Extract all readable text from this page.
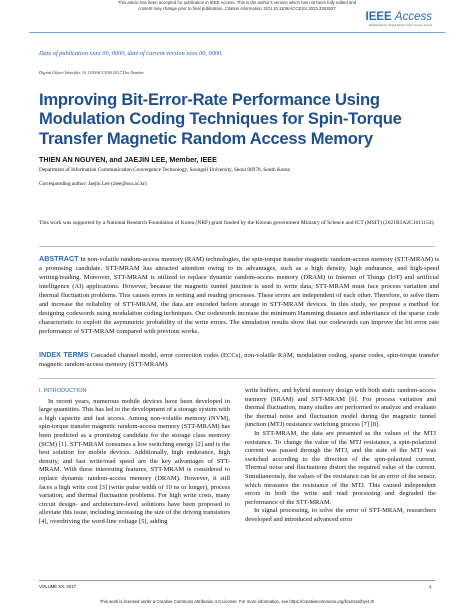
This article has been accepted for publication in IEEE Access. This is the author's version which has not been fully edited and
content may change prior to final publication. Citation information: DOI 10.1109/ACCESS.2023.3263527
IEEE Access
Multidisciplinary | Rapid Review | Open Access Journal
Date of publication xxxx 00, 0000, date of current version xxxx 00, 0000.
Digital Object Identifier 10.1109/ACCESS.2017.Doi Number
Improving Bit-Error-Rate Performance Using Modulation Coding Techniques for Spin-Torque Transfer Magnetic Random Access Memory
THIEN AN NGUYEN, and JAEJIN LEE, Member, IEEE
Department of Information Communication Convergence Technology, Soongsil University, Seoul 06978, South Korea
Corresponding author: Jaejin Lee (zlee@ssu.ac.kr).
This work was supported by a National Research Foundation of Korea (NRF) grant funded by the Korean government Ministry of Science and ICT (MSIT) (2021R1A2C1011154).
ABSTRACT In non-volatile random-access memory (RAM) technologies, the spin-torque transfer magnetic random-access memory (STT-MRAM) is a promising candidate. STT-MRAM has attracted attention owing to its advantages, such as a high density, high endurance, and high-speed writing/reading. Moreover, STT-MRAM is utilized to replace dynamic random-access memory (DRAM) in Internet of Things (IoT) and artificial intelligence (AI) applications. However, because the magnetic tunnel junction is used to write data, STT-MRAM must face process variation and thermal fluctuation problems. This causes errors in writing and reading processes. These errors are independent of each other. Therefore, to solve them and increase the reliability of STT-MRAM, the data are encoded before storage in STT-MRAM devices. In this study, we propose a method for designing codewords using modulation coding techniques. Our codewords increase the minimum Hamming distance and inheritance of the sparse code characteristic to exploit the asymmetric probability of the write errors. The simulation results show that our codewords can improve the bit error rate performance of STT-MRAM compared with previous works.
INDEX TERMS Cascaded channel model, error correction codes (ECCs), non-volatile RAM, modulation coding, sparse codes, spin-torque transfer magnetic random-access memory (STT-MRAM).
I. INTRODUCTION

In recent years, numerous mobile devices have been developed in large quantities. This has led to the development of a storage system with a high capacity and fast access. Among non-volatile memory (NVM), spin-torque transfer magnetic random-access memory (STT-MRAM) has been predicted as a promising candidate for the storage class memory (SCM) [1]. STT-MRAM consumes a low switching energy [2] and is the best solution for mobile devices. Additionally, high endurance, high density, and fast write/read speed are the key advantages of STT-MRAM. With these interesting features, STT-MRAM is considered to replace dynamic random-access memory (DRAM). However, it still faces a high write cost [3] (write pulse width of 10 ns or longer), process variation, and thermal fluctuation problems. For high write costs, many circuit design- and architecture-level solutions have been proposed to alleviate this issue, including increasing the size of the driving transistors [4], overdriving the word-line voltage [5], adding

write buffers, and hybrid memory design with both static random-access memory (SRAM) and STT-MRAM [6]. For process variation and thermal fluctuation, many studies are performed to analyze and evaluate the thermal noise and fluctuation model during the magnetic tunnel junction (MTJ) resistance switching process [7] [8].

In STT-MRAM, the data are presented as the values of the MTJ resistance. To change the value of the MTJ resistance, a spin-polarized current was passed through the MTJ, and the state of the MTJ was switched according to the direction of the spin-polarized current. Thermal noise and fluctuations distort the required value of the current. Simultaneously, the values of the resistance can be an error of the sensor, which measures the resistance of the MTJ. This caused independent errors in both the write and read processing and degraded the performance of the STT-MRAM.

In signal processing, to solve the error of STT-MRAM, researchers developed and introduced advanced error

VOLUME XX, 2017	1
This work is licensed under a Creative Commons Attribution 4.0 License. For more information, see https://creativecommons.org/licenses/by/4.0/
